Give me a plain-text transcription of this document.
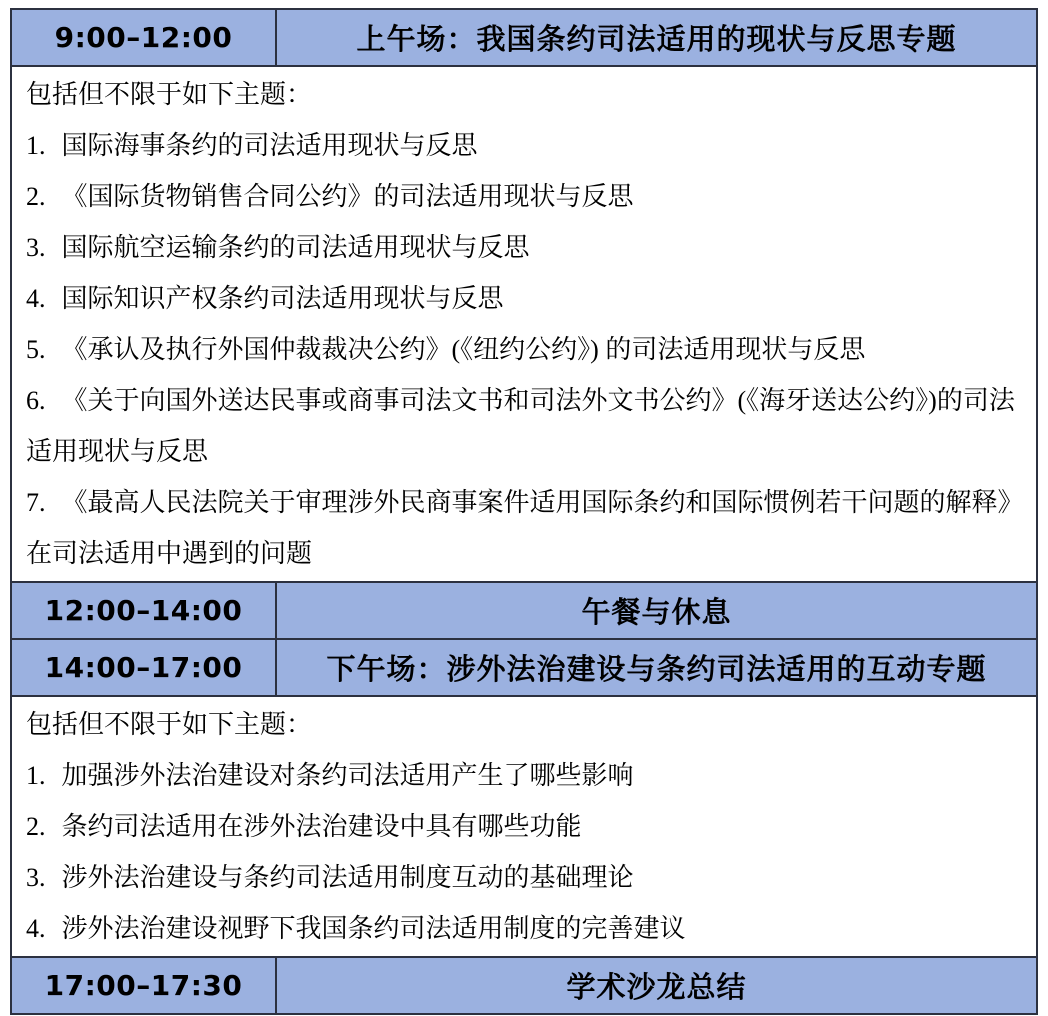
9:00–12:00	上午场：我国条约司法适用的现状与反思专题

包括但不限于如下主题：
1. 国际海事条约的司法适用现状与反思
2. 《国际货物销售合同公约》的司法适用现状与反思
3. 国际航空运输条约的司法适用现状与反思
4. 国际知识产权条约司法适用现状与反思
5. 《承认及执行外国仲裁裁决公约》(《纽约公约》) 的司法适用现状与反思
6. 《关于向国外送达民事或商事司法文书和司法外文书公约》(《海牙送达公约》)的司法适用现状与反思
7. 《最高人民法院关于审理涉外民商事案件适用国际条约和国际惯例若干问题的解释》在司法适用中遇到的问题

12:00–14:00	午餐与休息
14:00–17:00	下午场：涉外法治建设与条约司法适用的互动专题

包括但不限于如下主题：
1. 加强涉外法治建设对条约司法适用产生了哪些影响
2. 条约司法适用在涉外法治建设中具有哪些功能
3. 涉外法治建设与条约司法适用制度互动的基础理论
4. 涉外法治建设视野下我国条约司法适用制度的完善建议	

17:00–17:30	学术沙龙总结
